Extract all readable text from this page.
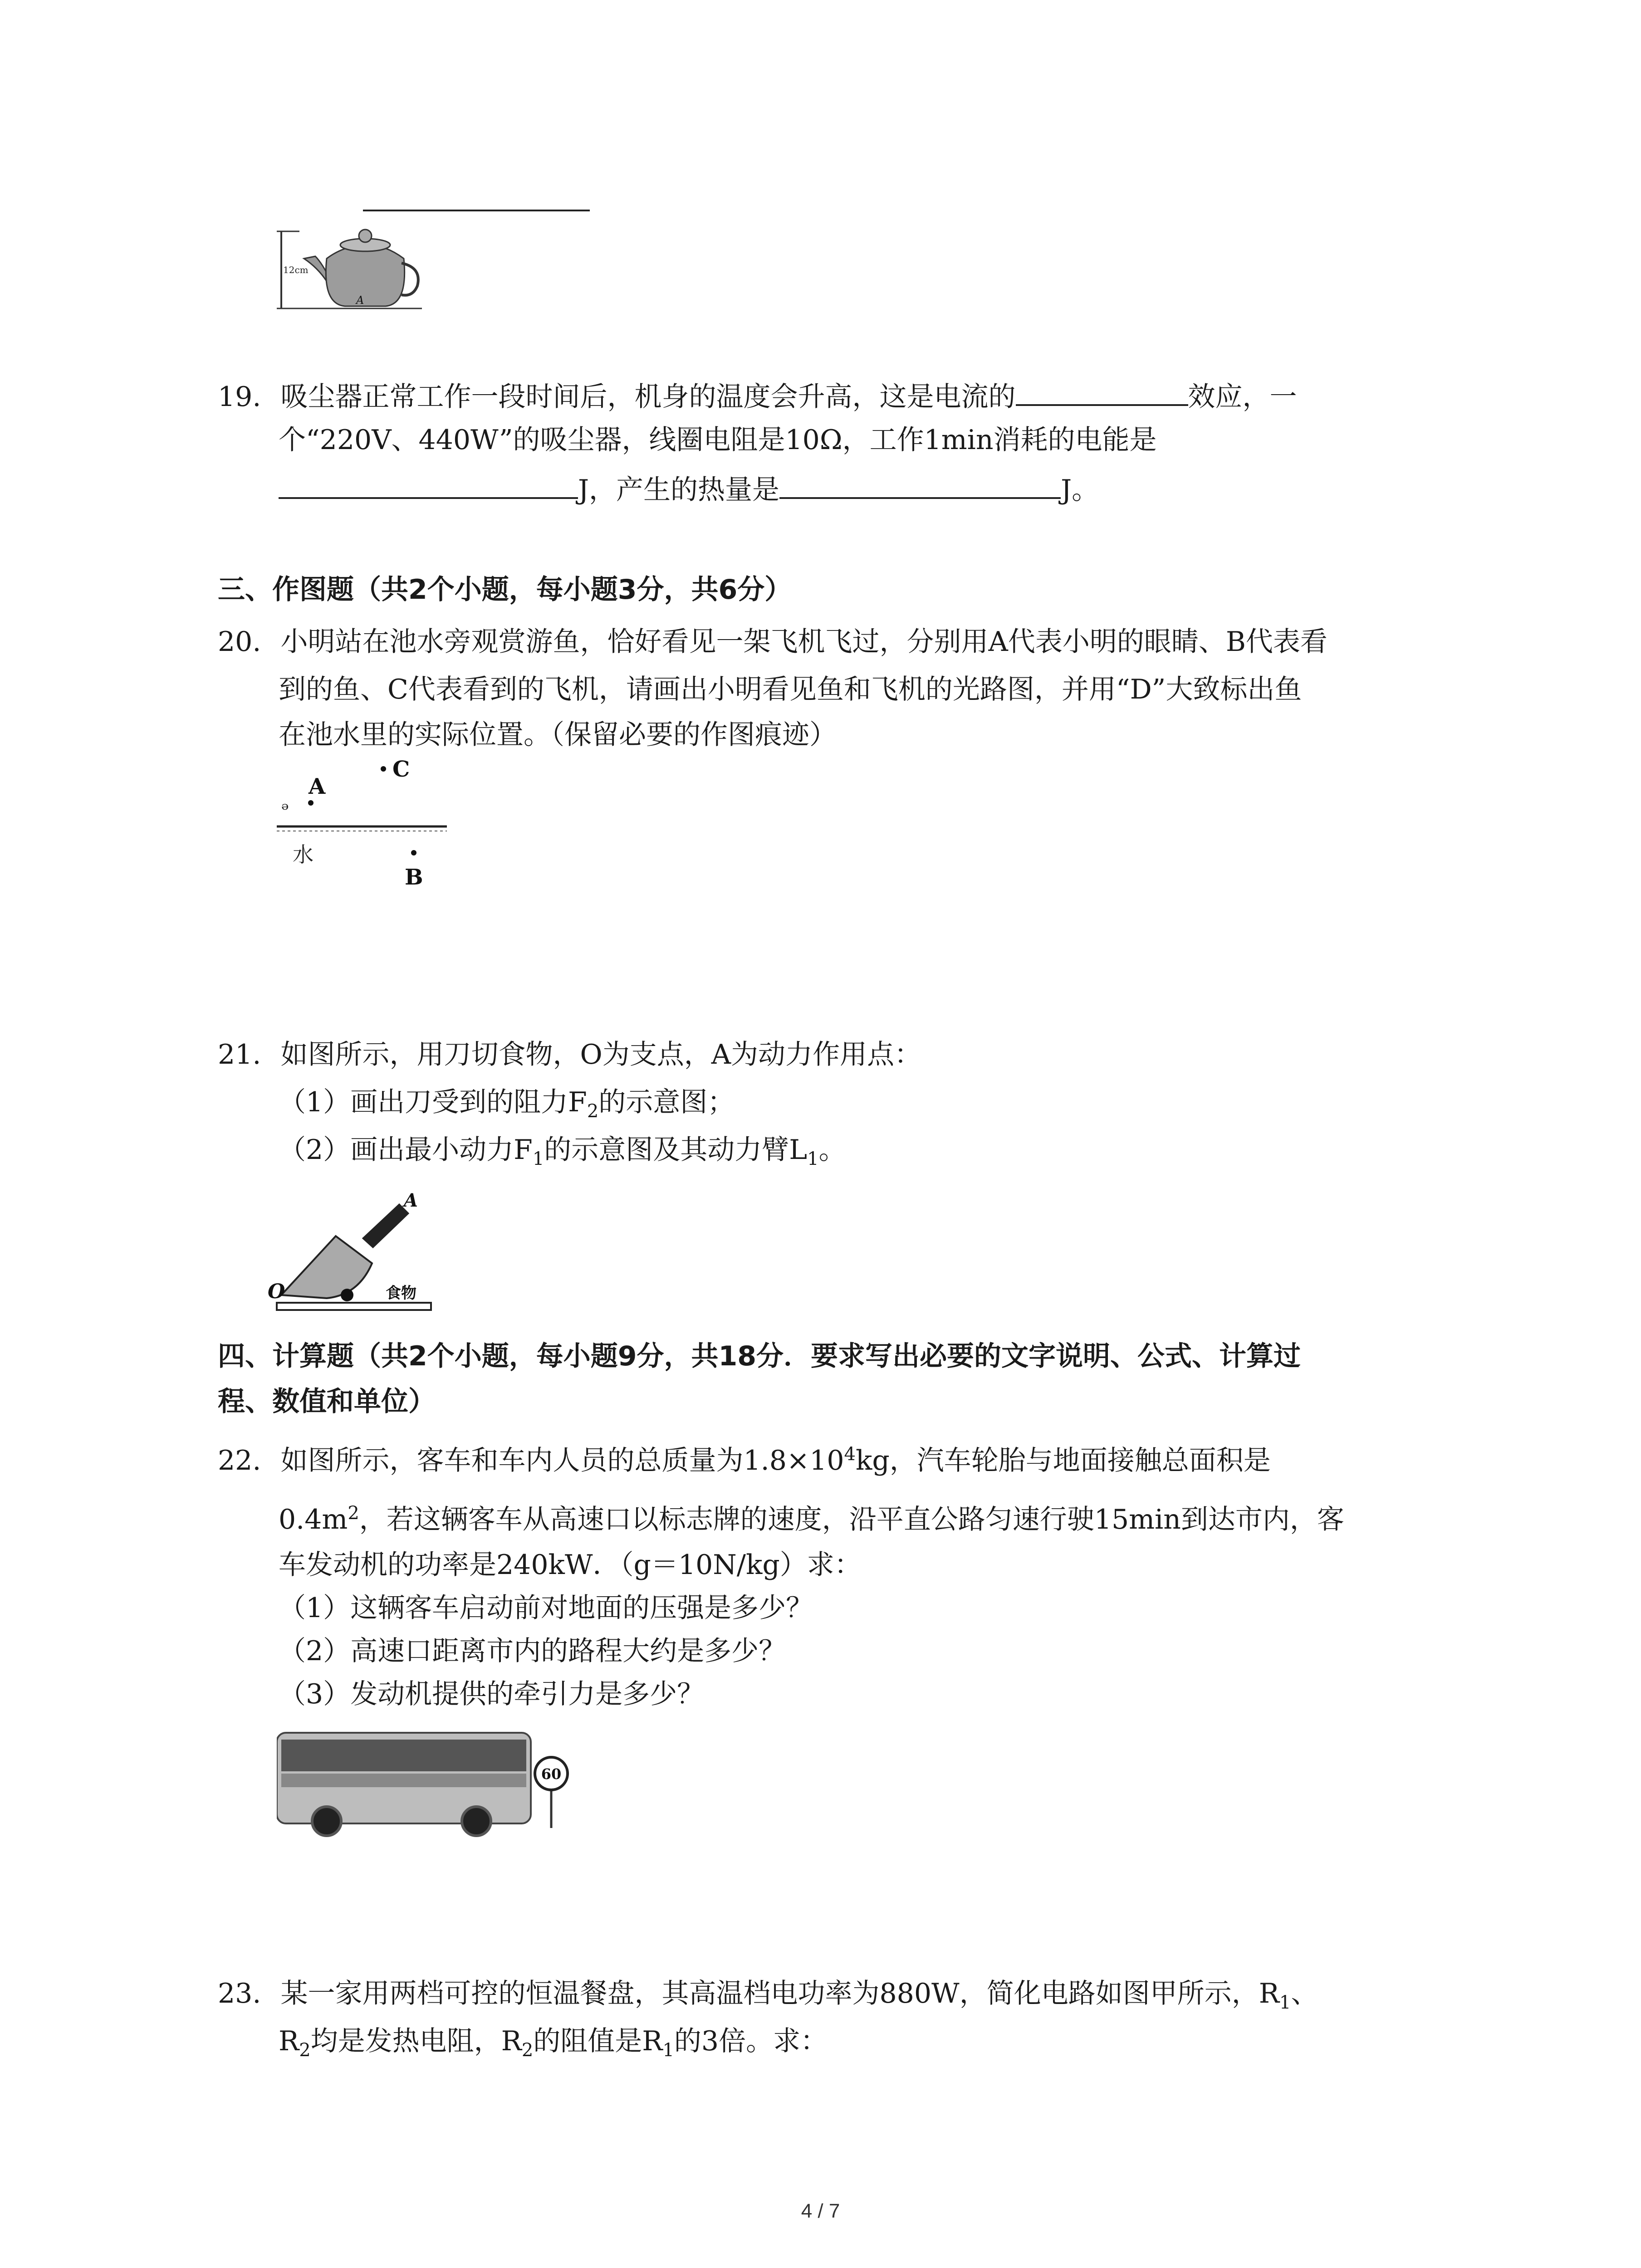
12cm
A
19. 吸尘器正常工作一段时间后，机身的温度会升高，这是电流的	效应，一
个“220V、440W”的吸尘器，线圈电阻是10Ω，工作1min消耗的电能是
J，产生的热量是	J。
三、作图题（共2个小题，每小题3分，共6分）
20. 小明站在池水旁观赏游鱼，恰好看见一架飞机飞过，分别用A代表小明的眼睛、B代表看
到的鱼、C代表看到的飞机，请画出小明看见鱼和飞机的光路图，并用“D”大致标出鱼
在池水里的实际位置。（保留必要的作图痕迹）
ₔ
A
C
水
B
21. 如图所示，用刀切食物，O为支点，A为动力作用点：
（1）画出刀受到的阻力$F_2$的示意图；
（2）画出最小动力$F_1$的示意图及其动力臂$L_1$。
A
O	食物
四、计算题（共2个小题，每小题9分，共18分．要求写出必要的文字说明、公式、计算过
程、数值和单位）
22. 如图所示，客车和车内人员的总质量为$1.8\times 10^4kg$，汽车轮胎与地面接触总面积是
$0.4m^2$，若这辆客车从高速口以标志牌的速度，沿平直公路匀速行驶15min到达市内，客
车发动机的功率是240kW．（g＝10N/kg）求：
（1）这辆客车启动前对地面的压强是多少？
（2）高速口距离市内的路程大约是多少？
（3）发动机提供的牵引力是多少？
60
23. 某一家用两档可控的恒温餐盘，其高温档电功率为880W，简化电路如图甲所示，$R_1$、
$R_2$均是发热电阻，$R_2$的阻值是$R_1$的3倍。求：
4 / 7
